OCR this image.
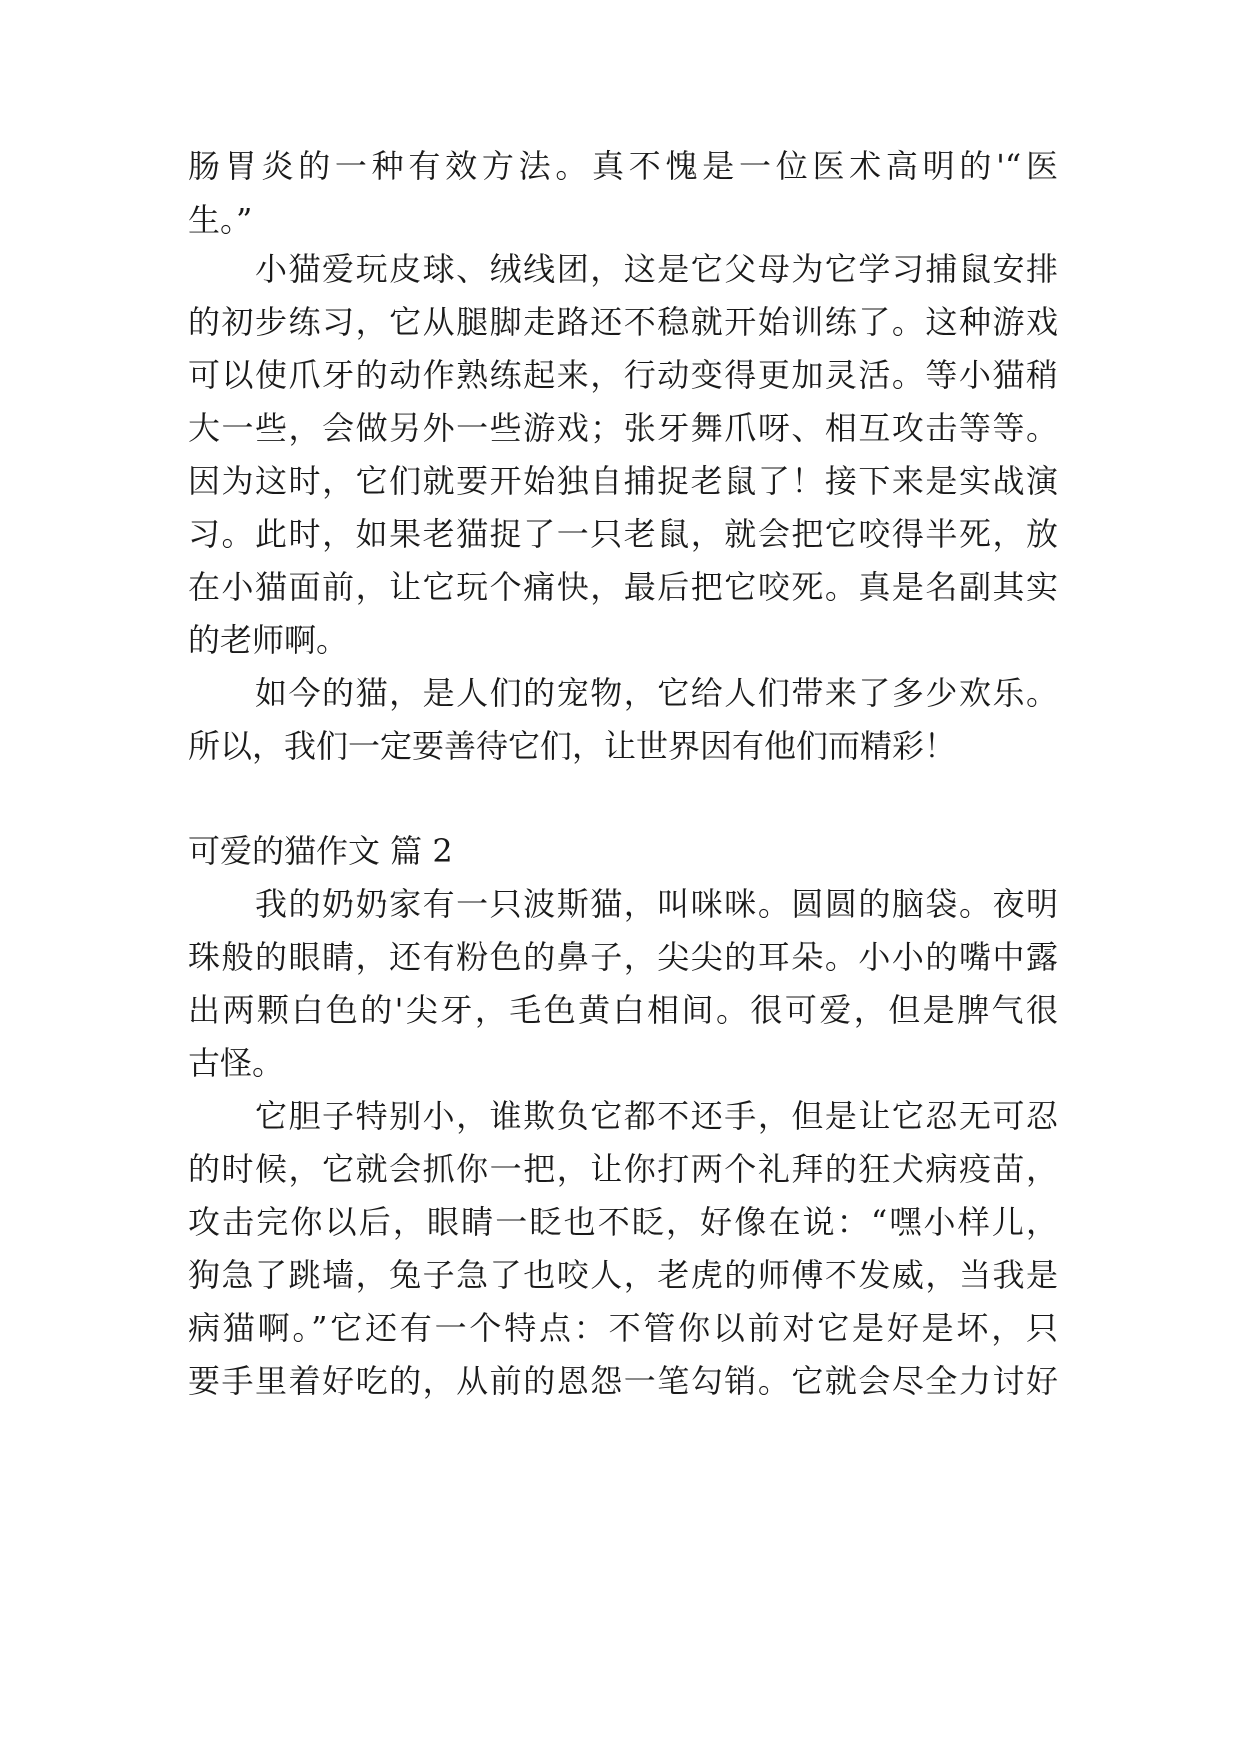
肠胃炎的一种有效方法。真不愧是一位医术高明的'“医
生。”
小猫爱玩皮球、绒线团，这是它父母为它学习捕鼠安排
的初步练习，它从腿脚走路还不稳就开始训练了。这种游戏
可以使爪牙的动作熟练起来，行动变得更加灵活。等小猫稍
大一些，会做另外一些游戏；张牙舞爪呀、相互攻击等等。
因为这时，它们就要开始独自捕捉老鼠了！接下来是实战演
习。此时，如果老猫捉了一只老鼠，就会把它咬得半死，放
在小猫面前，让它玩个痛快，最后把它咬死。真是名副其实
的老师啊。
如今的猫，是人们的宠物，它给人们带来了多少欢乐。
所以，我们一定要善待它们，让世界因有他们而精彩！
可爱的猫作文 篇 2
我的奶奶家有一只波斯猫，叫咪咪。圆圆的脑袋。夜明
珠般的眼睛，还有粉色的鼻子，尖尖的耳朵。小小的嘴中露
出两颗白色的'尖牙，毛色黄白相间。很可爱，但是脾气很
古怪。
它胆子特别小，谁欺负它都不还手，但是让它忍无可忍
的时候，它就会抓你一把，让你打两个礼拜的狂犬病疫苗，
攻击完你以后，眼睛一眨也不眨，好像在说：“嘿小样儿，
狗急了跳墙，兔子急了也咬人，老虎的师傅不发威，当我是
病猫啊。”它还有一个特点：不管你以前对它是好是坏，只
要手里着好吃的，从前的恩怨一笔勾销。它就会尽全力讨好
